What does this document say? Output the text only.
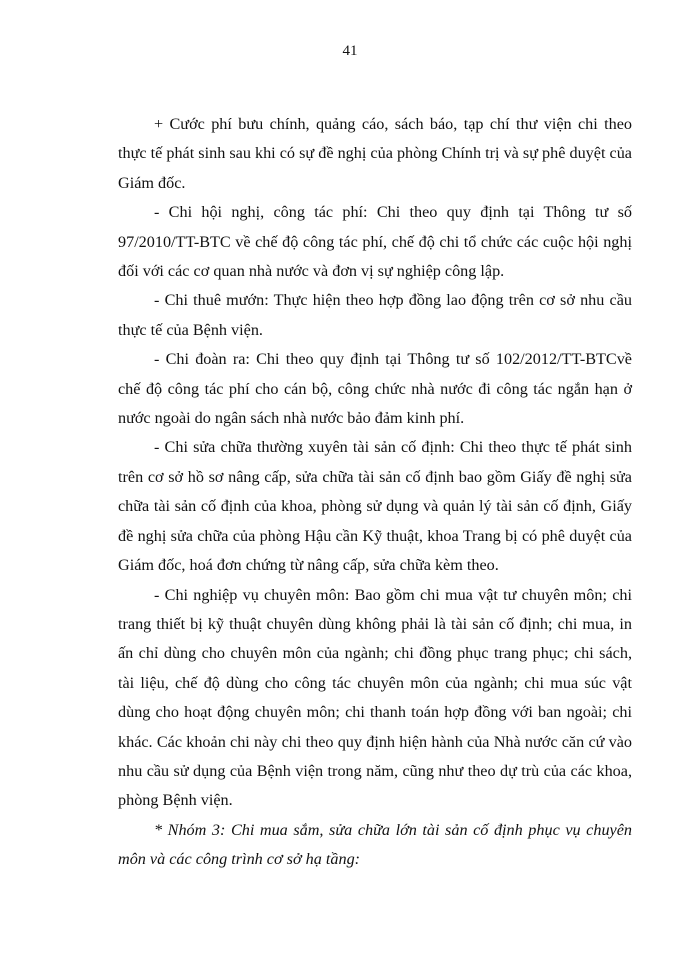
41

+ Cước phí bưu chính, quảng cáo, sách báo, tạp chí thư viện chi theo thực tế phát sinh sau khi có sự đề nghị của phòng Chính trị và sự phê duyệt của Giám đốc.

- Chi hội nghị, công tác phí: Chi theo quy định tại Thông tư số 97/2010/TT-BTC về chế độ công tác phí, chế độ chi tổ chức các cuộc hội nghị đối với các cơ quan nhà nước và đơn vị sự nghiệp công lập.

- Chi thuê mướn: Thực hiện theo hợp đồng lao động trên cơ sở nhu cầu thực tế của Bệnh viện.

- Chi đoàn ra: Chi theo quy định tại Thông tư số 102/2012/TT-BTCvề chế độ công tác phí cho cán bộ, công chức nhà nước đi công tác ngắn hạn ở nước ngoài do ngân sách nhà nước bảo đảm kinh phí.

- Chi sửa chữa thường xuyên tài sản cố định: Chi theo thực tế phát sinh trên cơ sở hồ sơ nâng cấp, sửa chữa tài sản cố định bao gồm Giấy đề nghị sửa chữa tài sản cố định của khoa, phòng sử dụng và quản lý tài sản cố định, Giấy đề nghị sửa chữa của phòng Hậu cần Kỹ thuật, khoa Trang bị có phê duyệt của Giám đốc, hoá đơn chứng từ nâng cấp, sửa chữa kèm theo.

- Chi nghiệp vụ chuyên môn: Bao gồm chi mua vật tư chuyên môn; chi trang thiết bị kỹ thuật chuyên dùng không phải là tài sản cố định; chi mua, in ấn chỉ dùng cho chuyên môn của ngành; chi đồng phục trang phục; chi sách, tài liệu, chế độ dùng cho công tác chuyên môn của ngành; chi mua súc vật dùng cho hoạt động chuyên môn; chi thanh toán hợp đồng với ban ngoài; chi khác. Các khoản chi này chi theo quy định hiện hành của Nhà nước căn cứ vào nhu cầu sử dụng của Bệnh viện trong năm, cũng như theo dự trù của các khoa, phòng Bệnh viện.

* Nhóm 3: Chi mua sắm, sửa chữa lớn tài sản cố định phục vụ chuyên môn và các công trình cơ sở hạ tầng:
